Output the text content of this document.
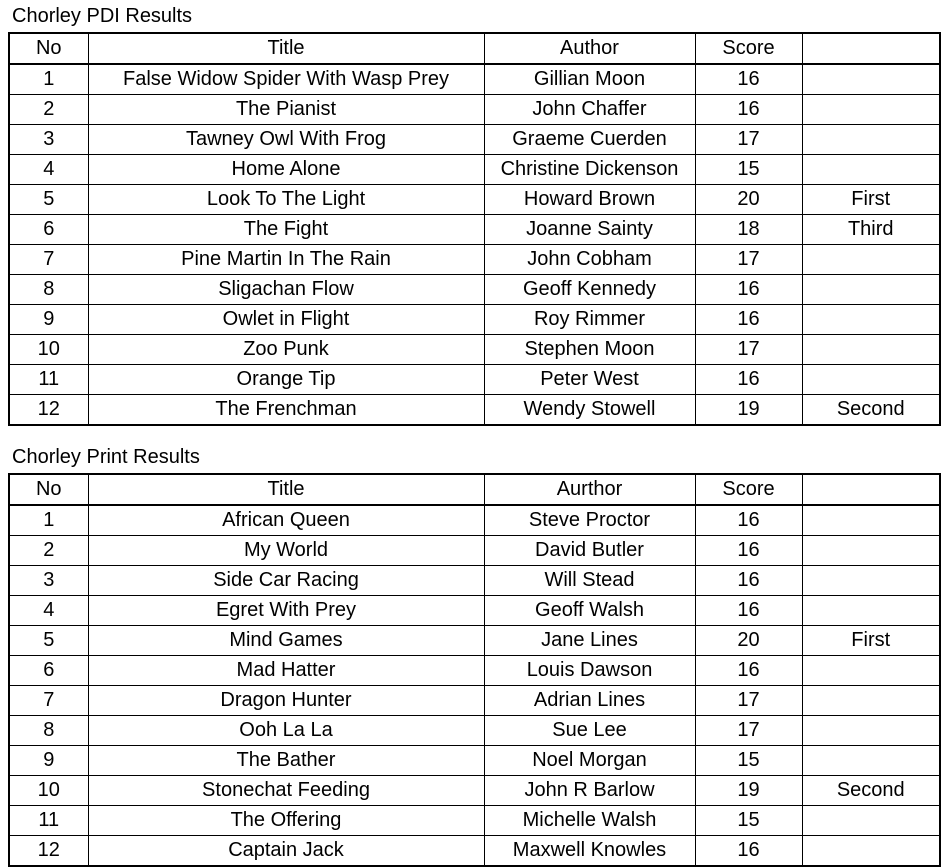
Chorley PDI Results
No	Title	Author	Score	
1	False Widow Spider With Wasp Prey	Gillian Moon	16	
2	The Pianist	John Chaffer	16	
3	Tawney Owl With Frog	Graeme Cuerden	17	
4	Home Alone	Christine Dickenson	15	
5	Look To The Light	Howard Brown	20	First
6	The Fight	Joanne Sainty	18	Third
7	Pine Martin In The Rain	John Cobham	17	
8	Sligachan Flow	Geoff Kennedy	16	
9	Owlet in Flight	Roy Rimmer	16	
10	Zoo Punk	Stephen Moon	17	
11	Orange Tip	Peter West	16	
12	The Frenchman	Wendy Stowell	19	Second
Chorley Print Results
No	Title	Aurthor	Score	
1	African Queen	Steve Proctor	16	
2	My World	David Butler	16	
3	Side Car Racing	Will Stead	16	
4	Egret With Prey	Geoff Walsh	16	
5	Mind Games	Jane Lines	20	First
6	Mad Hatter	Louis Dawson	16	
7	Dragon Hunter	Adrian Lines	17	
8	Ooh La La	Sue Lee	17	
9	The Bather	Noel Morgan	15	
10	Stonechat Feeding	John R Barlow	19	Second
11	The Offering	Michelle Walsh	15	
12	Captain Jack	Maxwell Knowles	16	
